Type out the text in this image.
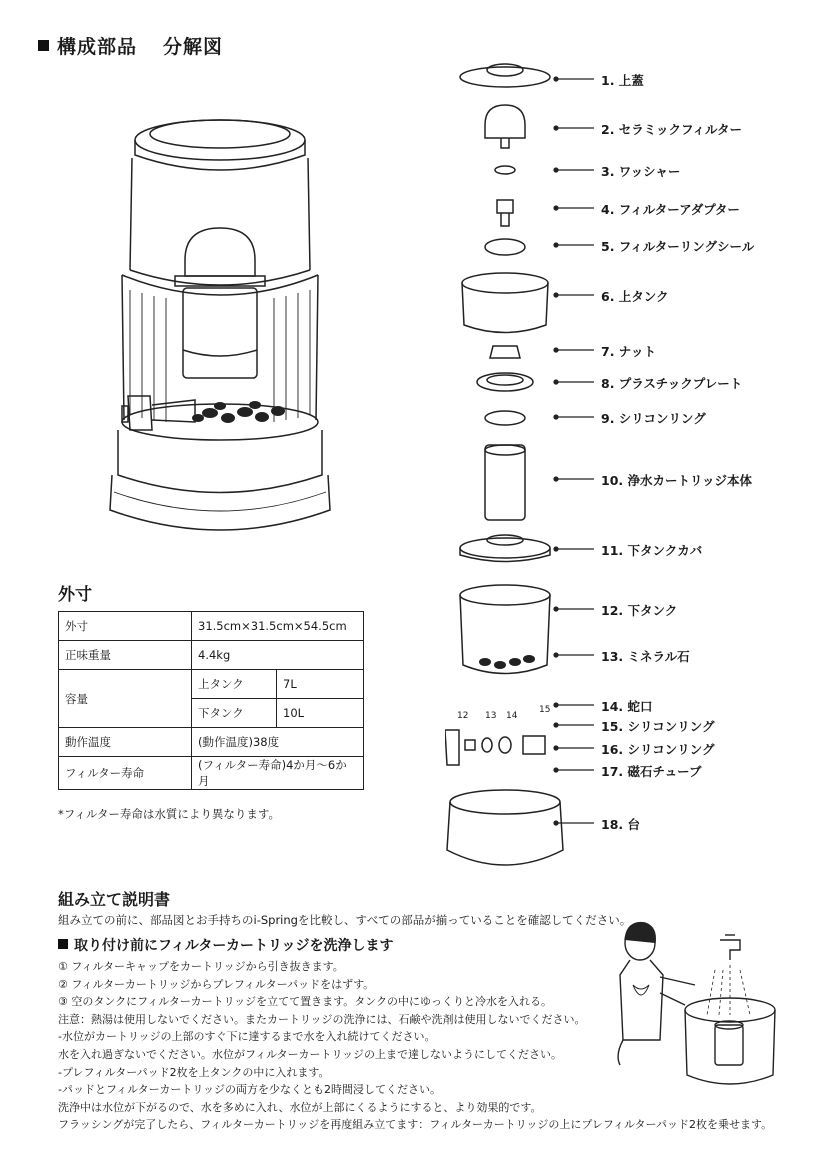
構成部品 分解図
1. 上蓋
2. セラミックフィルター
3. ワッシャー
4. フィルターアダプター
5. フィルターリングシール
6. 上タンク
7. ナット
8. プラスチックプレート
9. シリコンリング
10. 浄水カートリッジ本体
11. 下タンクカバ
12. 下タンク
13. ミネラル石
14. 蛇口
15. シリコンリング
16. シリコンリング
17. 磁石チューブ
18. 台
12 13 14
15
外寸
外寸	31.5cm×31.5cm×54.5cm	
正味重量	4.4kg	
容量	上タンク	7L
	下タンク	10L
動作温度	(動作温度)38度	
フィルター寿命	(フィルター寿命)4か月～6か月	
*フィルター寿命は水質により異なります。
組み立て説明書
組み立ての前に、部品図とお手持ちのi-Springを比較し、すべての部品が揃っていることを確認してください。
取り付け前にフィルターカートリッジを洗浄します
① フィルターキャップをカートリッジから引き抜きます。
② フィルターカートリッジからプレフィルターパッドをはずす。
③ 空のタンクにフィルターカートリッジを立てて置きます。タンクの中にゆっくりと冷水を入れる。
注意：熱湯は使用しないでください。またカートリッジの洗浄には、石鹸や洗剤は使用しないでください。
-水位がカートリッジの上部のすぐ下に達するまで水を入れ続けてください。
水を入れ過ぎないでください。水位がフィルターカートリッジの上まで達しないようにしてください。
-プレフィルターパッド2枚を上タンクの中に入れます。
-パッドとフィルターカートリッジの両方を少なくとも2時間浸してください。
洗浄中は水位が下がるので、水を多めに入れ、水位が上部にくるようにすると、より効果的です。
フラッシングが完了したら、フィルターカートリッジを再度組み立てます：フィルターカートリッジの上にプレフィルターパッド2枚を乗せます。
